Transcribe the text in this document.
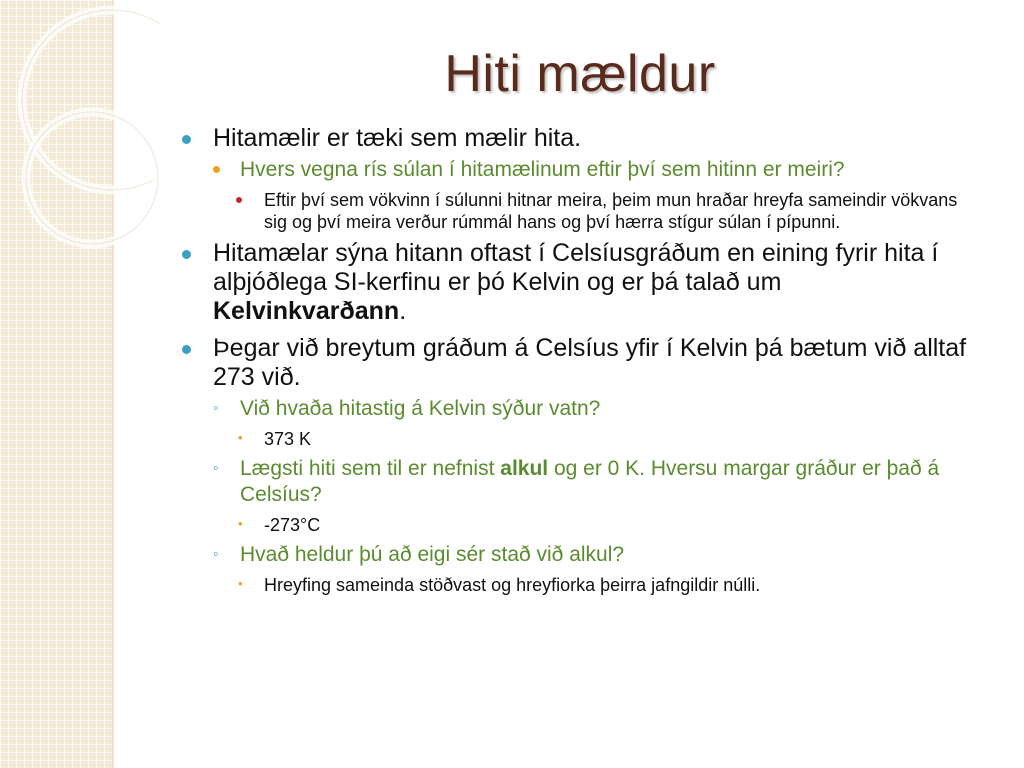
Hiti mældur
Hitamælir er tæki sem mælir hita.
Hvers vegna rís súlan í hitamælinum eftir því sem hitinn er meiri?
Eftir því sem vökvinn í súlunni hitnar meira, þeim mun hraðar hreyfa sameindir vökvans sig og því meira verður rúmmál hans og því hærra stígur súlan í pípunni.
Hitamælar sýna hitann oftast í Celsíusgráðum en eining fyrir hita í alþjóðlega SI-kerfinu er þó Kelvin og er þá talað um Kelvinkvarðann.
Þegar við breytum gráðum á Celsíus yfir í Kelvin þá bætum við alltaf 273 við.
◦ Við hvaða hitastig á Kelvin sýður vatn?
• 373 K
◦ Lægsti hiti sem til er nefnist alkul og er 0 K. Hversu margar gráður er það á Celsíus?
• -273°C
◦ Hvað heldur þú að eigi sér stað við alkul?
• Hreyfing sameinda stöðvast og hreyfiorka þeirra jafngildir núlli.
